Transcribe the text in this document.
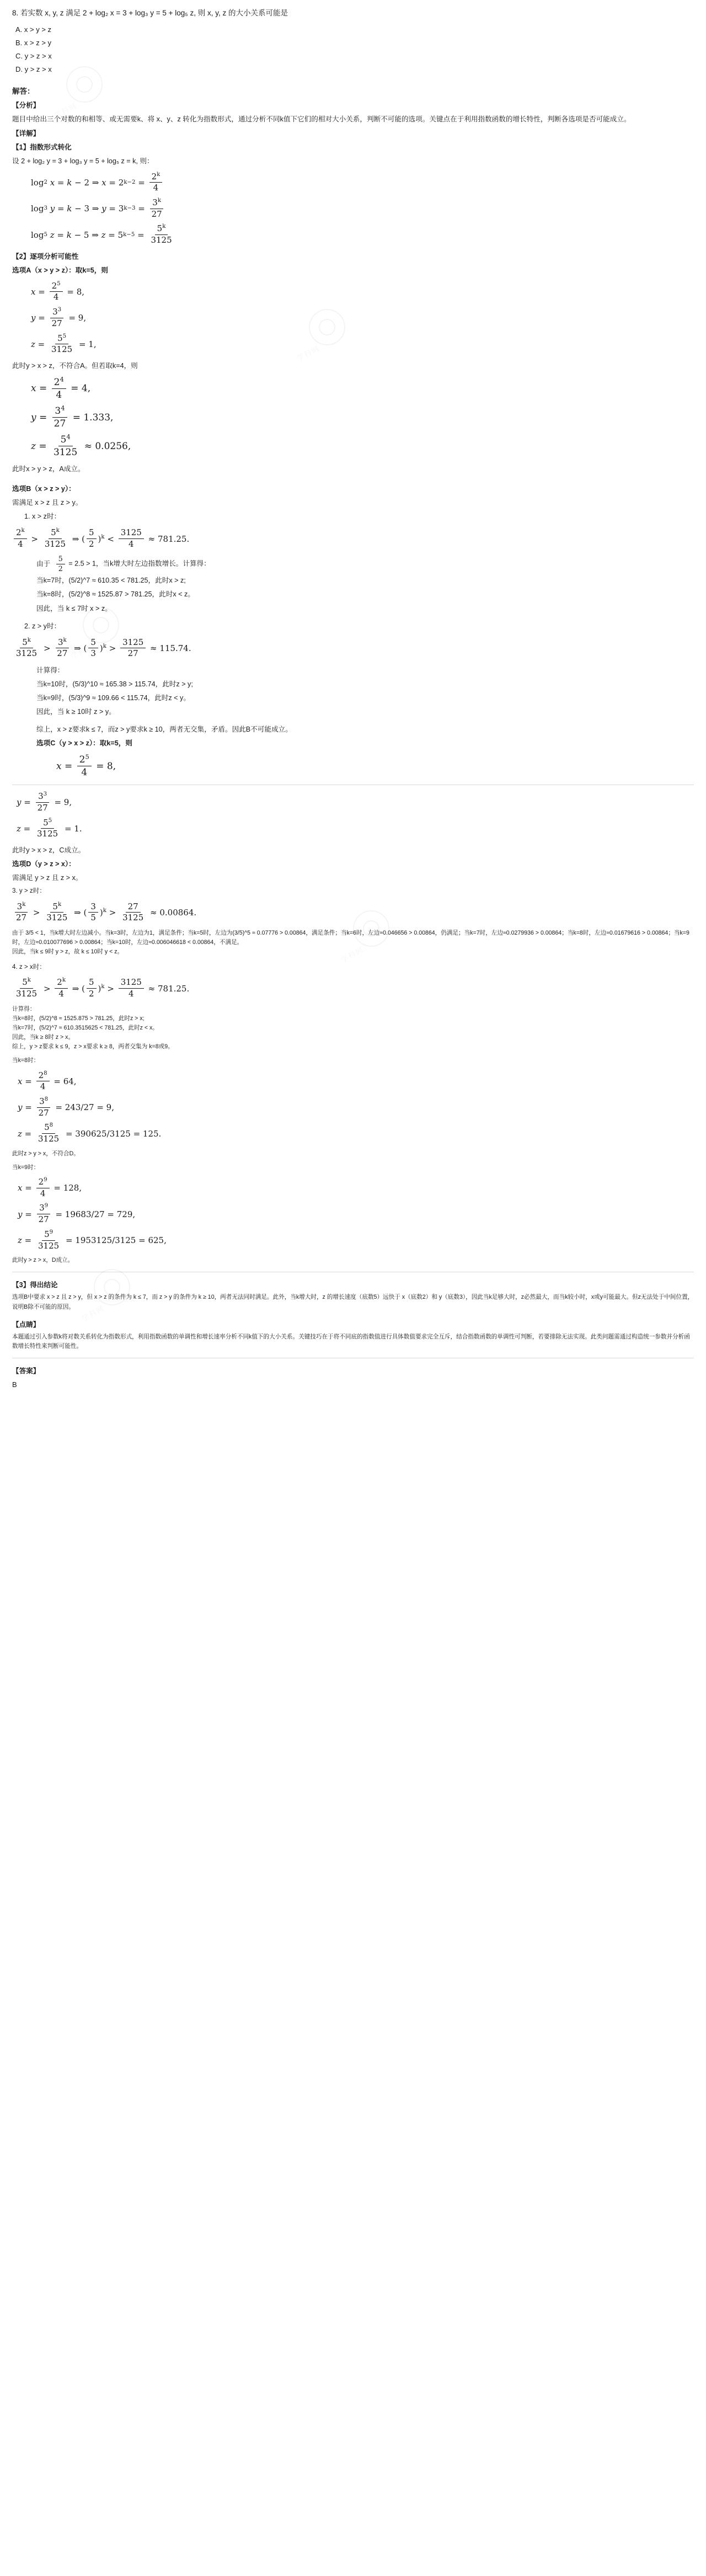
8. 若实数 x, y, z 满足 2 + log₂ x = 3 + log₃ y = 5 + log₅ z, 则 x, y, z 的大小关系可能是
A. x > y > z
B. x > z > y
C. y > z > x
D. y > z > x
解答：
【分析】
题目中给出三个对数的和相等、或无需要k、将 x、y、z 转化为指数形式，通过分析不同k值下它们的相对大小关系，判断不可能的选项。关键点在于利用指数函数的增长特性，判断各选项是否可能成立。
【详解】
【1】指数形式转化
设 2 + log₂ y = 3 + log₃ y = 5 + log₅ z = k, 则：
log 2 x = k − 2 ⇒ x = 2 $k-2 = \frac{2^k}{4}$
log 3 y = k − 3 ⇒ y = 3 $k-3 = \frac{3^k}{27}$
log 5 z = k − 5 ⇒ z = 5 $k-5 = \frac{5^k}{3125}$
【2】逐项分析可能性
选项A（x > y > z）：取k=5，则
$x = \frac{2^5}{4} = 8$,
$y = \frac{3^3}{27} = 9$,
$z = \frac{5^5}{3125} = 1$,
此时y > x > z，不符合A。但若取k=4，则
$x = \frac{2^4}{4} = 4$,
$y = \frac{3^4}{27} = 1.333$,
$z = \frac{5^4}{3125} \approx 0.0256$,
此时x > y > z，A成立。
选项B（x > z > y）：
需满足 x > z 且 z > y。
1. x > z时：
$\frac{2^k}{4} > \frac{5^k}{3125}$ ⇒ ( $\frac{5}{2} )^k < \frac{3125}{4} \approx 781.25$.
由于 $\frac{5}{2} = 2.5 > 1$，当k增大时左边指数增长。计算得：
当k=7时，(5/2)^7 ≈ 610.35 < 781.25，此时x > z;
当k=8时，(5/2)^8 ≈ 1525.87 > 781.25，此时x < z。
因此，当 k ≤ 7时 x > z。
2. z > y时：
$\frac{5^k}{3125} > \frac{3^k}{27}$ ⇒ ( $\frac{5}{3} )^k > \frac{3125}{27} \approx 115.74$.
计算得：
当k=10时，(5/3)^10 ≈ 165.38 > 115.74，此时z > y;
当k=9时，(5/3)^9 ≈ 109.66 < 115.74，此时z < y。
因此，当 k ≥ 10时 z > y。
综上，x > z要求k ≤ 7，而z > y要求k ≥ 10，两者无交集，矛盾。因此B不可能成立。
选项C（y > x > z）：取k=5，则
$x = \frac{2^5}{4} = 8$,
$y = \frac{3^3}{27} = 9$,
$z = \frac{5^5}{3125} = 1$.
此时y > x > z，C成立。
选项D（y > z > x）：
需满足 y > z 且 z > x。
3. y > z时：
$\frac{3^k}{27} > \frac{5^k}{3125}$ ⇒ ( $\frac{3}{5} )^k > \frac{27}{3125} \approx 0.00864$.
由于 3/5 < 1，当k增大时左边减小。当k=3时，左边为1，满足条件；当k=5时，左边为(3/5)^5 ≈ 0.07776 > 0.00864，满足条件；当k=6时，左边≈0.046656 > 0.00864，仍满足；当k=7时，左边≈0.0279936 > 0.00864；当k=8时，左边≈0.01679616 > 0.00864；当k=9时，左边≈0.010077696 > 0.00864；当k=10时，左边≈0.006046618 < 0.00864，不满足。
因此，当k ≤ 9时 y > z，故 k ≤ 10时 y < z。
4. z > x时：
$\frac{5^k}{3125} > \frac{2^k}{4}$ ⇒ ( $\frac{5}{2} )^k > \frac{3125}{4} \approx 781.25$.
计算得：
当k=8时，(5/2)^8 ≈ 1525.875 > 781.25，此时z > x;
当k=7时，(5/2)^7 ≈ 610.3515625 < 781.25，此时z < x。
因此，当k ≥ 8时 z > x。
综上，y > z要求 k ≤ 9，z > x要求 k ≥ 8，两者交集为 k=8或9。
当k=8时：
$x = \frac{2^8}{4} = 64$,
$y = \frac{3^8}{27} = 243/27 = 9$,
$z = \frac{5^8}{3125} = 390625/3125 = 125$.
此时z > y > x，不符合D。
当k=9时：
$x = \frac{2^9}{4} = 128$,
$y = \frac{3^9}{27} = 19683/27 = 729$,
$z = \frac{5^9}{3125} = 1953125/3125 = 625$,
此时y > z > x，D成立。
【3】得出结论
选项B中要求 x > z 且 z > y，但 x > z 的条件为 k ≤ 7，而 z > y 的条件为 k ≥ 10，两者无法同时满足。此外，当k增大时，z 的增长速度（底数5）远快于 x（底数2）和 y（底数3），因此当k足够大时，z必然最大，而当k较小时，x或y可能最大。但z无法处于中间位置，说明B除不可能的原因。
【点睛】
本题通过引入参数k将对数关系转化为指数形式，利用指数函数的单调性和增长速率分析不同k值下的大小关系。关键技巧在于将不同底的指数值进行具体数值要求完全互斥，结合指数函数的单调性可判断，若要排除无法实现。此类问题需通过构造统一参数并分析函数增长特性来判断可能性。
【答案】
B
